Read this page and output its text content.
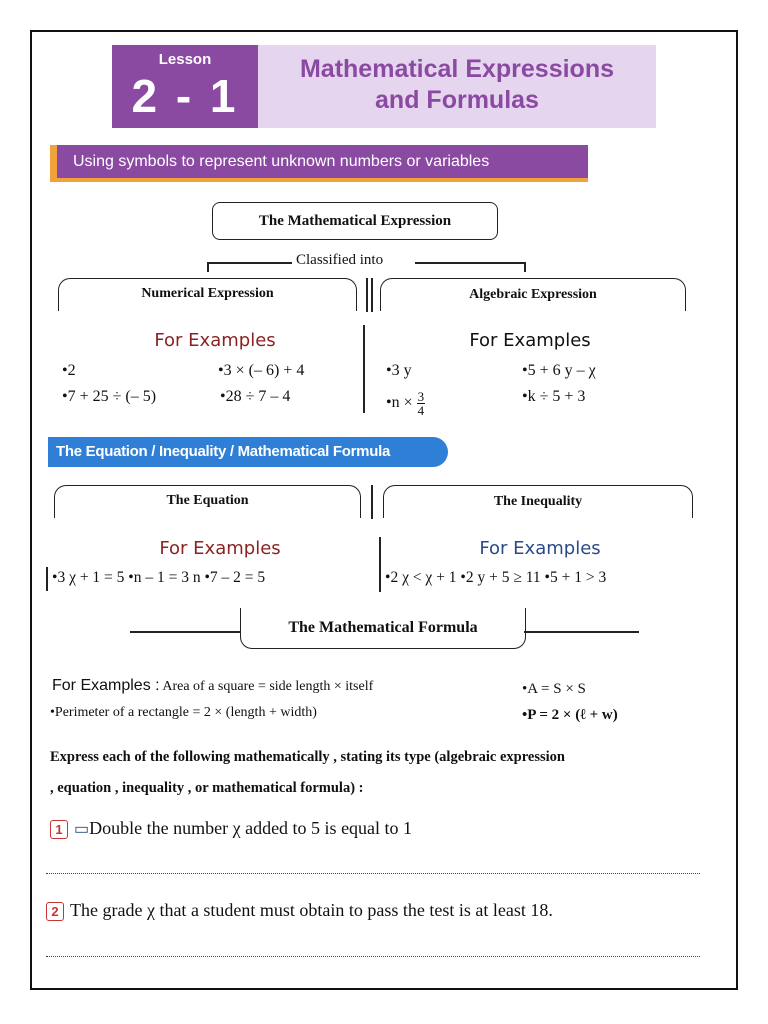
Lesson
2 - 1
Mathematical Expressions
and Formulas
Using symbols to represent unknown numbers or variables
The Mathematical Expression
Classified into
Numerical Expression	Algebraic Expression
For Examples	For Examples
•2	•3 × (– 6) + 4
•7 + 25 ÷ (– 5)	•28 ÷ 7 – 4
•3 y	•5 + 6 y – χ
•n × $\frac{3}{4}$	•k ÷ 5 + 3
The Equation / Inequality / Mathematical Formula
The Equation	The Inequality
For Examples	For Examples
•3 χ + 1 = 5 •n – 1 = 3 n •7 – 2 = 5	•2 χ < χ + 1 •2 y + 5 ≥ 11 •5 + 1 > 3
The Mathematical Formula
For Examples : Area of a square = side length × itself	•A = S × S
•Perimeter of a rectangle = 2 × (length + width)	•P = 2 × (ℓ + w)
Express each of the following mathematically , stating its type (algebraic expression
, equation , inequality , or mathematical formula) :
1 ▭Double the number χ added to 5 is equal to 1
2 The grade χ that a student must obtain to pass the test is at least 18.
